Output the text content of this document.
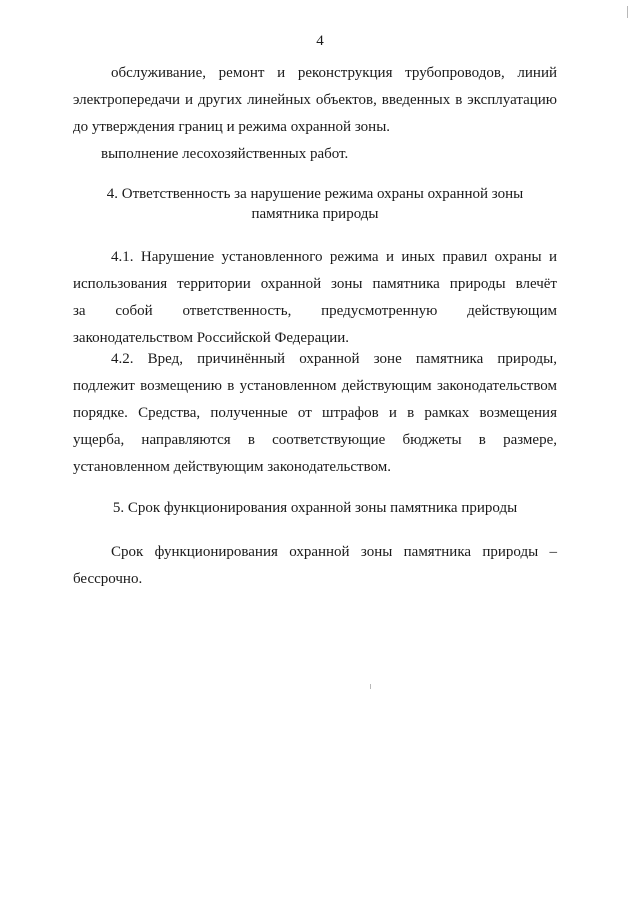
4
обслуживание, ремонт и реконструкция трубопроводов, линий
электропередачи и других линейных объектов, введенных в эксплуатацию
до утверждения границ и режима охранной зоны.
выполнение лесохозяйственных работ.
4. Ответственность за нарушение режима охраны охранной зоны
памятника природы
4.1. Нарушение установленного режима и иных правил охраны и
использования территории охранной зоны памятника природы влечёт
за собой ответственность, предусмотренную действующим
законодательством Российской Федерации.
4.2. Вред, причинённый охранной зоне памятника природы,
подлежит возмещению в установленном действующим законодательством
порядке. Средства, полученные от штрафов и в рамках возмещения
ущерба, направляются в соответствующие бюджеты в размере,
установленном действующим законодательством.
5. Срок функционирования охранной зоны памятника природы
Срок функционирования охранной зоны памятника природы –
бессрочно.
